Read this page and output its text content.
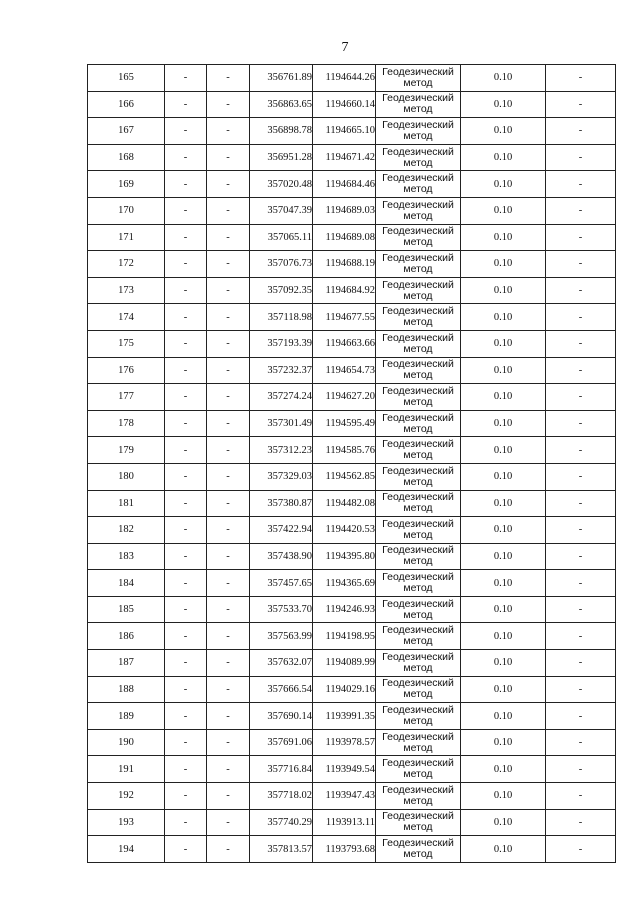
7
165	-	-	356761.89	1194644.26	Геодезический метод	0.10	-
166	-	-	356863.65	1194660.14	Геодезический метод	0.10	-
167	-	-	356898.78	1194665.10	Геодезический метод	0.10	-
168	-	-	356951.28	1194671.42	Геодезический метод	0.10	-
169	-	-	357020.48	1194684.46	Геодезический метод	0.10	-
170	-	-	357047.39	1194689.03	Геодезический метод	0.10	-
171	-	-	357065.11	1194689.08	Геодезический метод	0.10	-
172	-	-	357076.73	1194688.19	Геодезический метод	0.10	-
173	-	-	357092.35	1194684.92	Геодезический метод	0.10	-
174	-	-	357118.98	1194677.55	Геодезический метод	0.10	-
175	-	-	357193.39	1194663.66	Геодезический метод	0.10	-
176	-	-	357232.37	1194654.73	Геодезический метод	0.10	-
177	-	-	357274.24	1194627.20	Геодезический метод	0.10	-
178	-	-	357301.49	1194595.49	Геодезический метод	0.10	-
179	-	-	357312.23	1194585.76	Геодезический метод	0.10	-
180	-	-	357329.03	1194562.85	Геодезический метод	0.10	-
181	-	-	357380.87	1194482.08	Геодезический метод	0.10	-
182	-	-	357422.94	1194420.53	Геодезический метод	0.10	-
183	-	-	357438.90	1194395.80	Геодезический метод	0.10	-
184	-	-	357457.65	1194365.69	Геодезический метод	0.10	-
185	-	-	357533.70	1194246.93	Геодезический метод	0.10	-
186	-	-	357563.99	1194198.95	Геодезический метод	0.10	-
187	-	-	357632.07	1194089.99	Геодезический метод	0.10	-
188	-	-	357666.54	1194029.16	Геодезический метод	0.10	-
189	-	-	357690.14	1193991.35	Геодезический метод	0.10	-
190	-	-	357691.06	1193978.57	Геодезический метод	0.10	-
191	-	-	357716.84	1193949.54	Геодезический метод	0.10	-
192	-	-	357718.02	1193947.43	Геодезический метод	0.10	-
193	-	-	357740.29	1193913.11	Геодезический метод	0.10	-
194	-	-	357813.57	1193793.68	Геодезический метод	0.10	-
